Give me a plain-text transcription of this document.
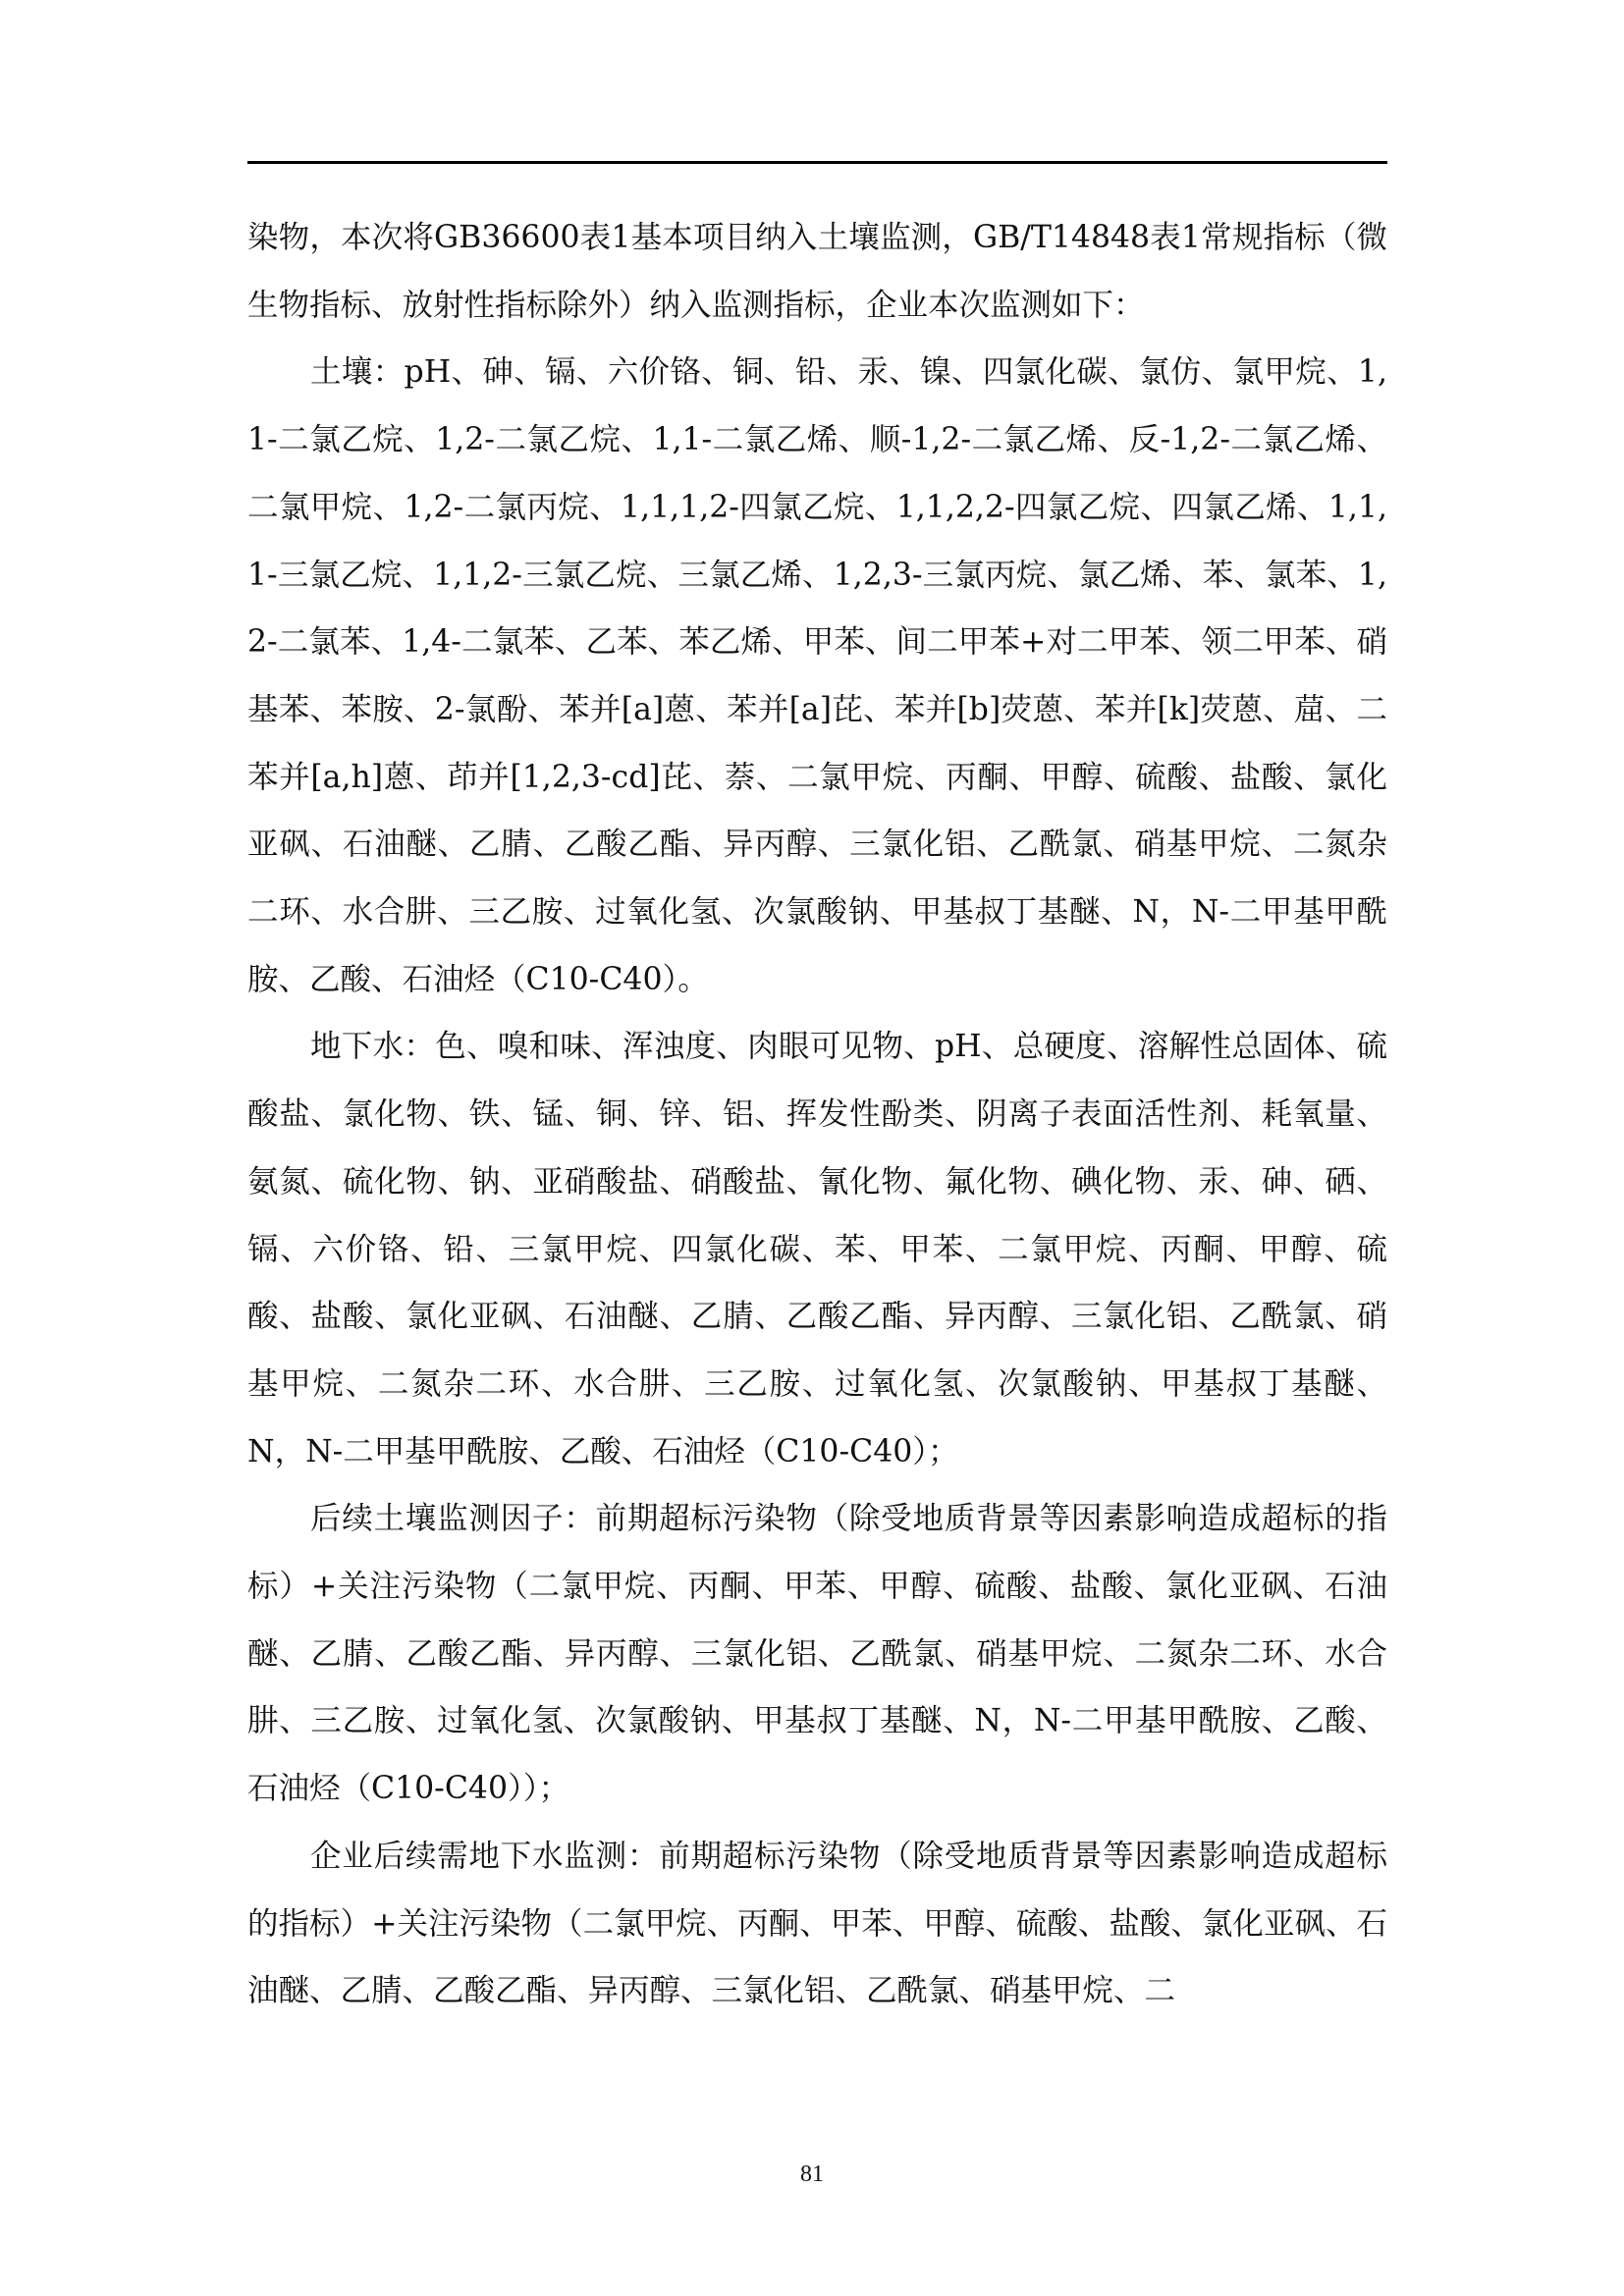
染物，本次将GB36600表1基本项目纳入土壤监测，GB/T14848表1常规指标（微生物指标、放射性指标除外）纳入监测指标，企业本次监测如下：

土壤：pH、砷、镉、六价铬、铜、铅、汞、镍、四氯化碳、氯仿、氯甲烷、1,1-二氯乙烷、1,2-二氯乙烷、1,1-二氯乙烯、顺-1,2-二氯乙烯、反-1,2-二氯乙烯、二氯甲烷、1,2-二氯丙烷、1,1,1,2-四氯乙烷、1,1,2,2-四氯乙烷、四氯乙烯、1,1,1-三氯乙烷、1,1,2-三氯乙烷、三氯乙烯、1,2,3-三氯丙烷、氯乙烯、苯、氯苯、1,2-二氯苯、1,4-二氯苯、乙苯、苯乙烯、甲苯、间二甲苯+对二甲苯、领二甲苯、硝基苯、苯胺、2-氯酚、苯并[a]蒽、苯并[a]芘、苯并[b]荧蒽、苯并[k]荧蒽、䓛、二苯并[a,h]蒽、茚并[1,2,3-cd]芘、萘、二氯甲烷、丙酮、甲醇、硫酸、盐酸、氯化亚砜、石油醚、乙腈、乙酸乙酯、异丙醇、三氯化铝、乙酰氯、硝基甲烷、二氮杂二环、水合肼、三乙胺、过氧化氢、次氯酸钠、甲基叔丁基醚、N，N-二甲基甲酰胺、乙酸、石油烃（C10-C40）。

地下水：色、嗅和味、浑浊度、肉眼可见物、pH、总硬度、溶解性总固体、硫酸盐、氯化物、铁、锰、铜、锌、铝、挥发性酚类、阴离子表面活性剂、耗氧量、氨氮、硫化物、钠、亚硝酸盐、硝酸盐、氰化物、氟化物、碘化物、汞、砷、硒、镉、六价铬、铅、三氯甲烷、四氯化碳、苯、甲苯、二氯甲烷、丙酮、甲醇、硫酸、盐酸、氯化亚砜、石油醚、乙腈、乙酸乙酯、异丙醇、三氯化铝、乙酰氯、硝基甲烷、二氮杂二环、水合肼、三乙胺、过氧化氢、次氯酸钠、甲基叔丁基醚、N，N-二甲基甲酰胺、乙酸、石油烃（C10-C40）；

后续土壤监测因子：前期超标污染物（除受地质背景等因素影响造成超标的指标）+关注污染物（二氯甲烷、丙酮、甲苯、甲醇、硫酸、盐酸、氯化亚砜、石油醚、乙腈、乙酸乙酯、异丙醇、三氯化铝、乙酰氯、硝基甲烷、二氮杂二环、水合肼、三乙胺、过氧化氢、次氯酸钠、甲基叔丁基醚、N，N-二甲基甲酰胺、乙酸、石油烃（C10-C40））；

企业后续需地下水监测：前期超标污染物（除受地质背景等因素影响造成超标的指标）+关注污染物（二氯甲烷、丙酮、甲苯、甲醇、硫酸、盐酸、氯化亚砜、石油醚、乙腈、乙酸乙酯、异丙醇、三氯化铝、乙酰氯、硝基甲烷、二

81
